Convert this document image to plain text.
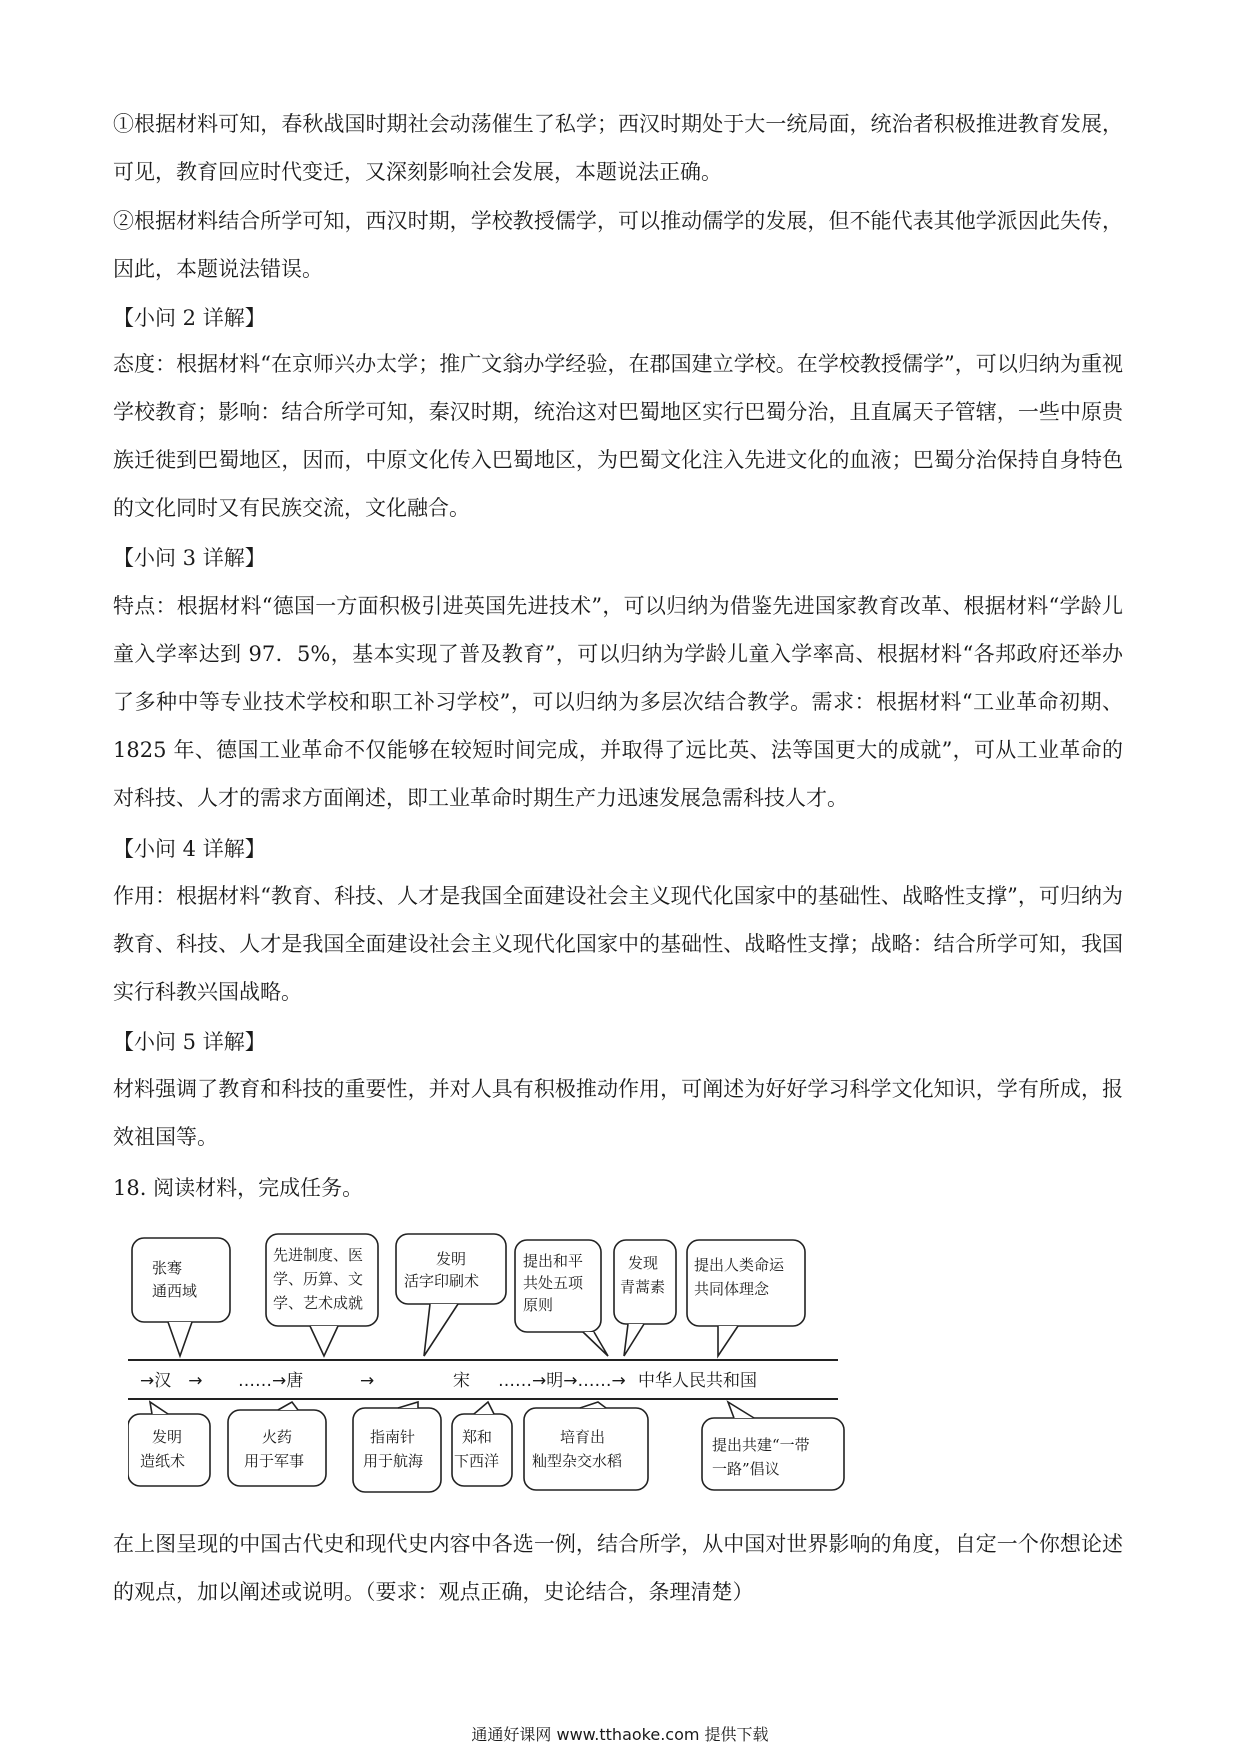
①根据材料可知，春秋战国时期社会动荡催生了私学；西汉时期处于大一统局面，统治者积极推进教育发展，可见，教育回应时代变迁，又深刻影响社会发展，本题说法正确。

②根据材料结合所学可知，西汉时期，学校教授儒学，可以推动儒学的发展，但不能代表其他学派因此失传，因此，本题说法错误。

【小问 2 详解】

态度：根据材料“在京师兴办太学；推广文翁办学经验，在郡国建立学校。在学校教授儒学”，可以归纳为重视学校教育；影响：结合所学可知，秦汉时期，统治这对巴蜀地区实行巴蜀分治，且直属天子管辖，一些中原贵族迁徙到巴蜀地区，因而，中原文化传入巴蜀地区，为巴蜀文化注入先进文化的血液；巴蜀分治保持自身特色的文化同时又有民族交流，文化融合。

【小问 3 详解】

特点：根据材料“德国一方面积极引进英国先进技术”，可以归纳为借鉴先进国家教育改革、根据材料“学龄儿童入学率达到 97．5%，基本实现了普及教育”，可以归纳为学龄儿童入学率高、根据材料“各邦政府还举办了多种中等专业技术学校和职工补习学校”，可以归纳为多层次结合教学。需求：根据材料“工业革命初期、1825 年、德国工业革命不仅能够在较短时间完成，并取得了远比英、法等国更大的成就”，可从工业革命的对科技、人才的需求方面阐述，即工业革命时期生产力迅速发展急需科技人才。

【小问 4 详解】

作用：根据材料“教育、科技、人才是我国全面建设社会主义现代化国家中的基础性、战略性支撑”，可归纳为教育、科技、人才是我国全面建设社会主义现代化国家中的基础性、战略性支撑；战略：结合所学可知，我国实行科教兴国战略。

【小问 5 详解】

材料强调了教育和科技的重要性，并对人具有积极推动作用，可阐述为好好学习科学文化知识，学有所成，报效祖国等。

18. 阅读材料，完成任务。

→汉　→ ……→唐	→	宋 ……→明→……→ 中华人民共和国
张骞
通西域
先进制度、医
学、历算、文
学、艺术成就
发明
活字印刷术
提出和平
共处五项
原则
发现
青蒿素
提出人类命运
共同体理念
发明
造纸术
火药
用于军事
指南针
用于航海
郑和
下西洋
培育出
籼型杂交水稻
提出共建“一带
一路”倡议

在上图呈现的中国古代史和现代史内容中各选一例，结合所学，从中国对世界影响的角度，自定一个你想论述的观点，加以阐述或说明。（要求：观点正确，史论结合，条理清楚）

通通好课网 www.tthaoke.com 提供下载
